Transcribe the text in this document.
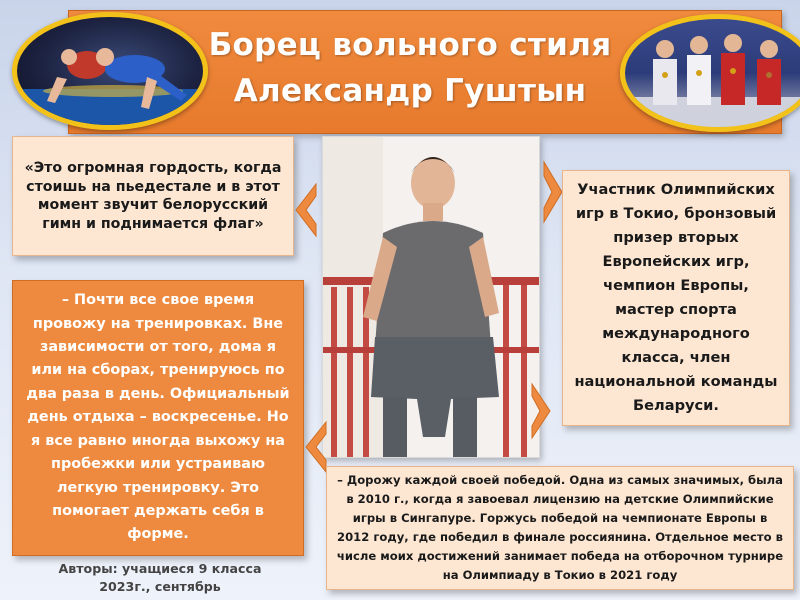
Борец вольного стиля
Александр Гуштын

«Это огромная гордость, когда стоишь на пьедестале и в этот момент звучит белорусский гимн и поднимается флаг»

Участник Олимпийских игр в Токио, бронзовый призер вторых Европейских игр, чемпион Европы, мастер спорта международного класса, член национальной команды Беларуси.

– Почти все свое время провожу на тренировках. Вне зависимости от того, дома я или на сборах, тренируюсь по два раза в день. Официальный день отдыха – воскресенье. Но я все равно иногда выхожу на пробежки или устраиваю легкую тренировку. Это помогает держать себя в форме.

– Дорожу каждой своей победой. Одна из самых значимых, была в 2010 г., когда я завоевал лицензию на детские Олимпийские игры в Сингапуре. Горжусь победой на чемпионате Европы в 2012 году, где победил в финале россиянина. Отдельное место в числе моих достижений занимает победа на отборочном турнире на Олимпиаду в Токио в 2021 году

Авторы: учащиеся 9 класса
2023г., сентябрь
